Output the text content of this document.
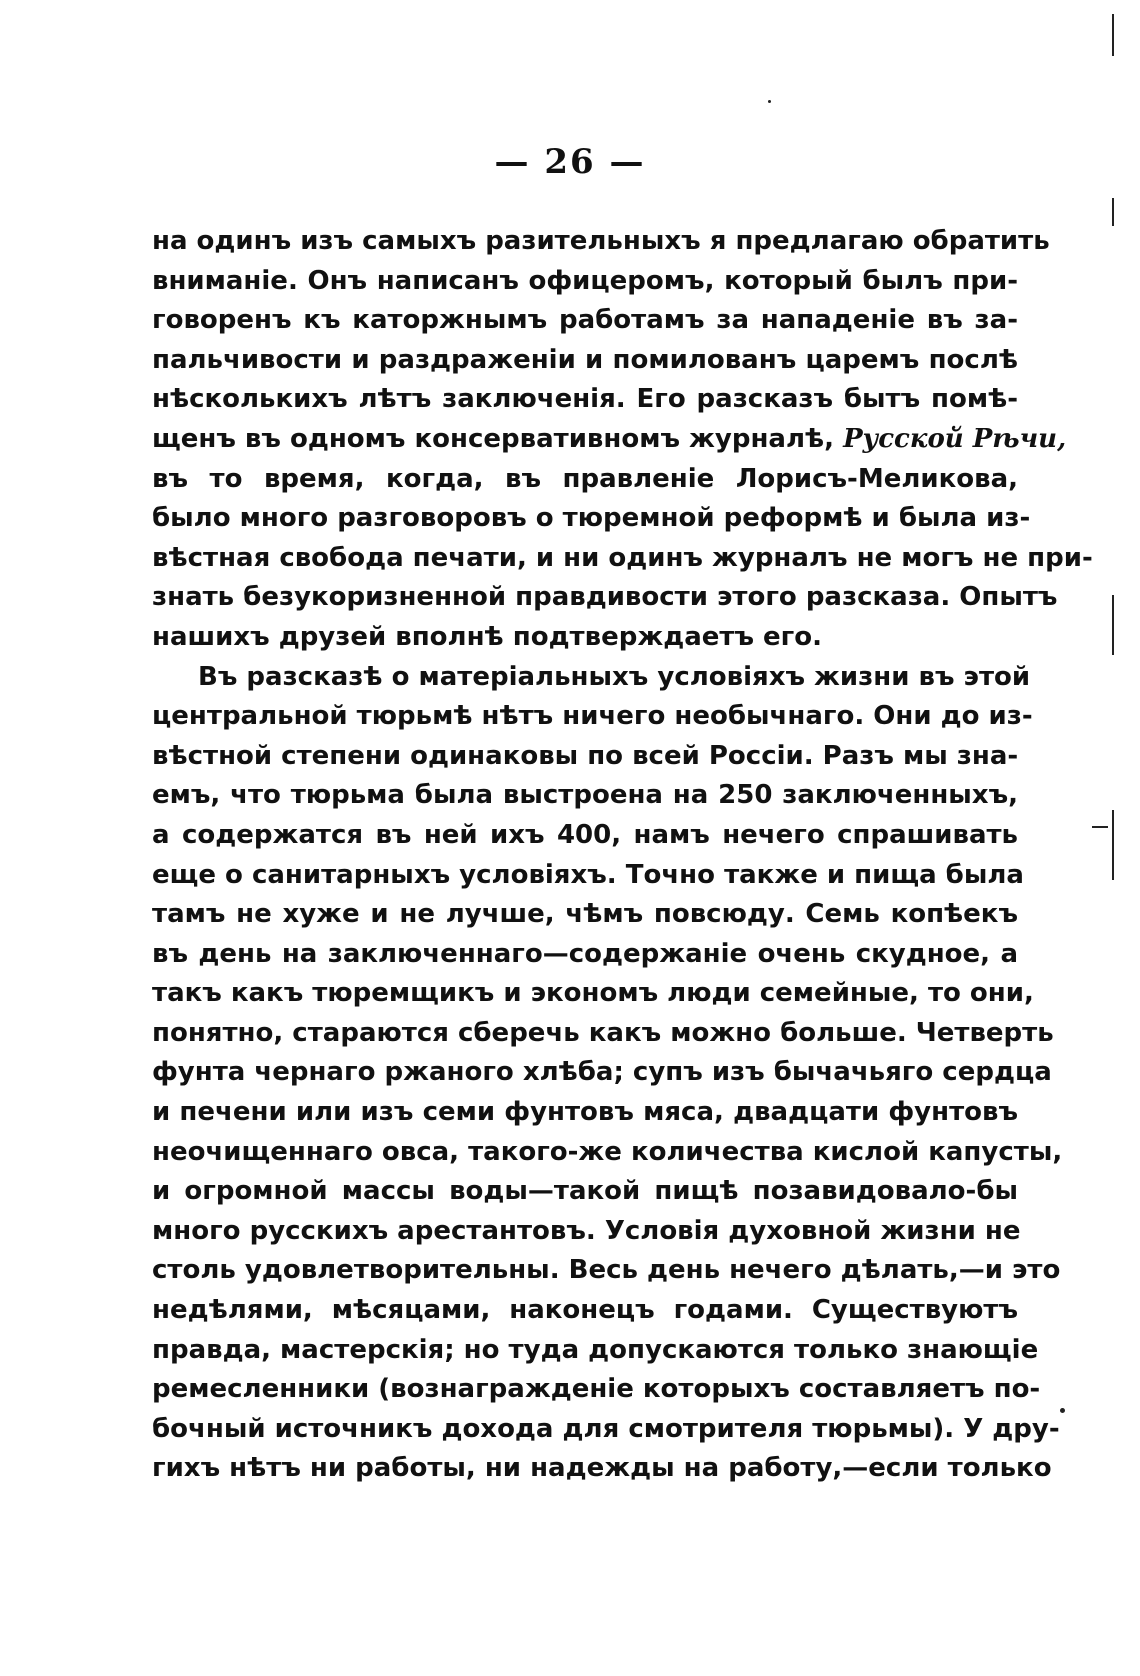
— 26 —
на одинъ изъ самыхъ разительныхъ я предлагаю обратить
вниманіе. Онъ написанъ офицеромъ, который былъ при-
говоренъ къ каторжнымъ работамъ за нападеніе въ за-
пальчивости и раздраженіи и помилованъ царемъ послѣ
нѣсколькихъ лѣтъ заключенія. Его разсказъ бытъ помѣ-
щенъ въ одномъ консервативномъ журналѣ, Русской Рѣчи,
въ то время, когда, въ правленіе Лорисъ-Меликова,
было много разговоровъ о тюремной реформѣ и была из-
вѣстная свобода печати, и ни одинъ журналъ не могъ не при-
знать безукоризненной правдивости этого разсказа. Опытъ
нашихъ друзей вполнѣ подтверждаетъ его.
Въ разсказѣ о матеріальныхъ условіяхъ жизни въ этой
центральной тюрьмѣ нѣтъ ничего необычнаго. Они до из-
вѣстной степени одинаковы по всей Россіи. Разъ мы зна-
емъ, что тюрьма была выстроена на 250 заключенныхъ,
а содержатся въ ней ихъ 400, намъ нечего спрашивать
еще о санитарныхъ условіяхъ. Точно также и пища была
тамъ не хуже и не лучше, чѣмъ повсюду. Семь копѣекъ
въ день на заключеннаго—содержаніе очень скудное, а
такъ какъ тюремщикъ и экономъ люди семейные, то они,
понятно, стараются сберечь какъ можно больше. Четверть
фунта чернаго ржаного хлѣба; супъ изъ бычачьяго сердца
и печени или изъ семи фунтовъ мяса, двадцати фунтовъ
неочищеннаго овса, такого-же количества кислой капусты,
и огромной массы воды—такой пищѣ позавидовало-бы
много русскихъ арестантовъ. Условія духовной жизни не
столь удовлетворительны. Весь день нечего дѣлать,—и это
недѣлями, мѣсяцами, наконецъ годами. Существуютъ
правда, мастерскія; но туда допускаются только знающіе
ремесленники (вознагражденіе которыхъ составляетъ по-
бочный источникъ дохода для смотрителя тюрьмы). У дру-
гихъ нѣтъ ни работы, ни надежды на работу,—если только
